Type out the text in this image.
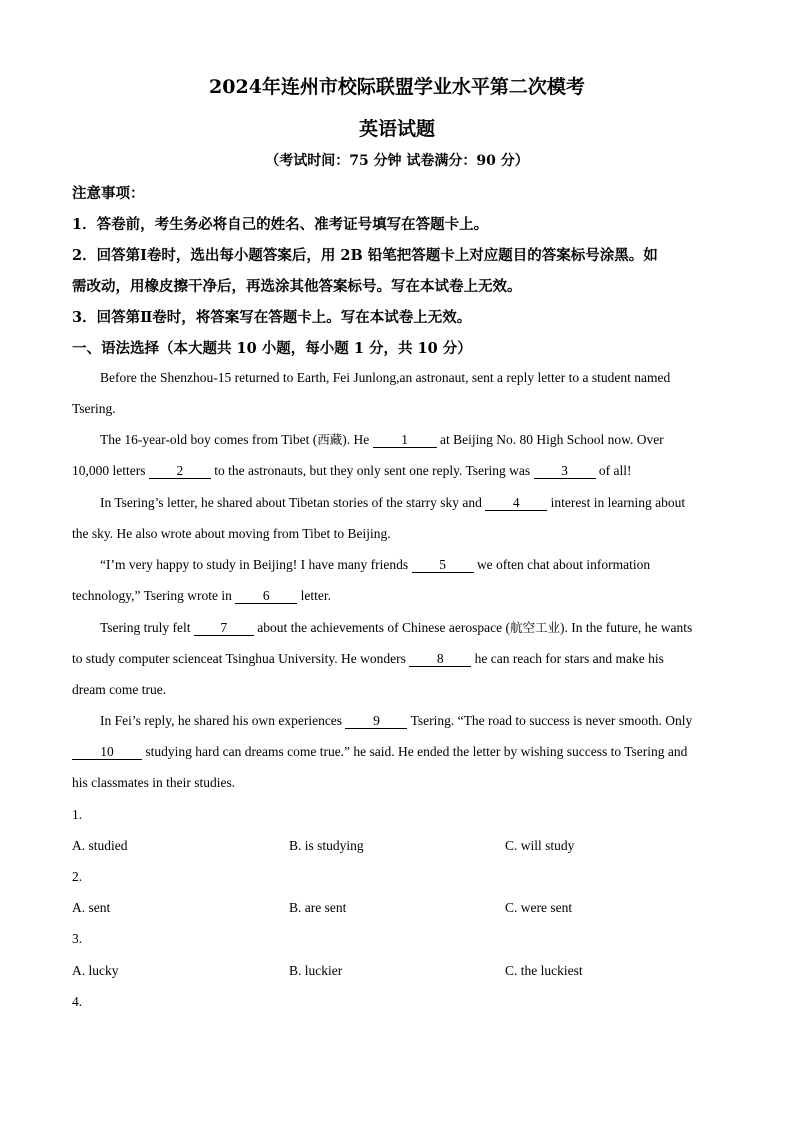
2024年连州市校际联盟学业水平第二次模考
英语试题
（考试时间：75 分钟 试卷满分：90 分）
注意事项：
1．答卷前，考生务必将自己的姓名、准考证号填写在答题卡上。
2．回答第Ⅰ卷时，选出每小题答案后，用 2B 铅笔把答题卡上对应题目的答案标号涂黑。如
需改动，用橡皮擦干净后，再选涂其他答案标号。写在本试卷上无效。
3．回答第Ⅱ卷时，将答案写在答题卡上。写在本试卷上无效。
一、语法选择（本大题共 10 小题，每小题 1 分，共 10 分）
Before the Shenzhou-15 returned to Earth, Fei Junlong,an astronaut, sent a reply letter to a student named
Tsering.
The 16-year-old boy comes from Tibet (西藏). He 1 at Beijing No. 80 High School now. Over
10,000 letters 2 to the astronauts, but they only sent one reply. Tsering was 3 of all!
In Tsering’s letter, he shared about Tibetan stories of the starry sky and 4 interest in learning about
the sky. He also wrote about moving from Tibet to Beijing.
“I’m very happy to study in Beijing! I have many friends 5 we often chat about information
technology,” Tsering wrote in 6 letter.
Tsering truly felt 7 about the achievements of Chinese aerospace (航空工业). In the future, he wants
to study computer scienceat Tsinghua University. He wonders 8 he can reach for stars and make his
dream come true.
In Fei’s reply, he shared his own experiences 9 Tsering. “The road to success is never smooth. Only
10 studying hard can dreams come true.” he said. He ended the letter by wishing success to Tsering and
his classmates in their studies.
1.
A. studied	B. is studying	C. will study
2.
A. sent	B. are sent	C. were sent
3.
A. lucky	B. luckier	C. the luckiest
4.
